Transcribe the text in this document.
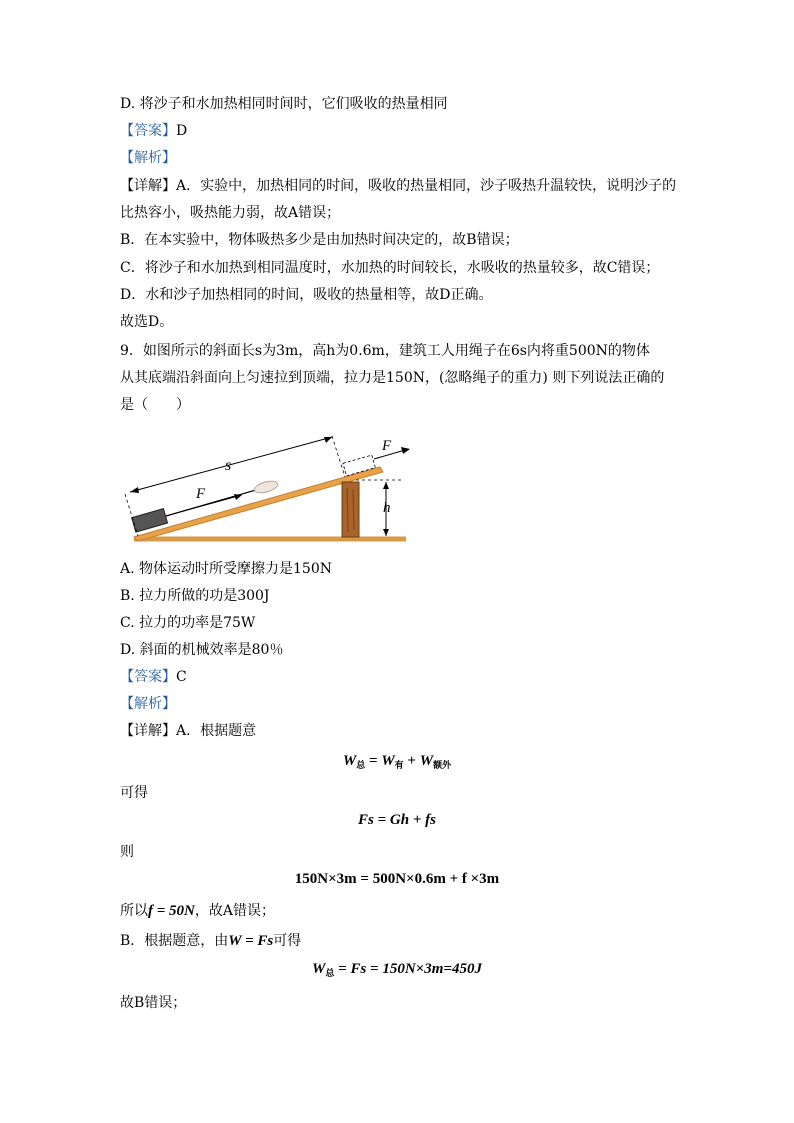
D. 将沙子和水加热相同时间时，它们吸收的热量相同
【答案】D
【解析】
【详解】A．实验中，加热相同的时间，吸收的热量相同，沙子吸热升温较快，说明沙子的
比热容小，吸热能力弱，故A错误；
B．在本实验中，物体吸热多少是由加热时间决定的，故B错误；
C．将沙子和水加热到相同温度时，水加热的时间较长，水吸收的热量较多，故C错误；
D．水和沙子加热相同的时间，吸收的热量相等，故D正确。
故选D。
9．如图所示的斜面长s为3m，高h为0.6m，建筑工人用绳子在6s内将重500N的物体
从其底端沿斜面向上匀速拉到顶端，拉力是150N，(忽略绳子的重力) 则下列说法正确的
是（　　）
h
F
s
F
A. 物体运动时所受摩擦力是150N
B. 拉力所做的功是300J
C. 拉力的功率是75W
D. 斜面的机械效率是80％
【答案】C
【解析】
【详解】A．根据题意
$W_总 = W_有 + W_{额外}$
可得
Fs = Gh + fs
则
150N×3m = 500N×0.6m + f ×3m
所以f = 50N，故A错误；
B．根据题意，由W = Fs可得
$W_总 = Fs = 150N\times 3m=450J$
故B错误；
